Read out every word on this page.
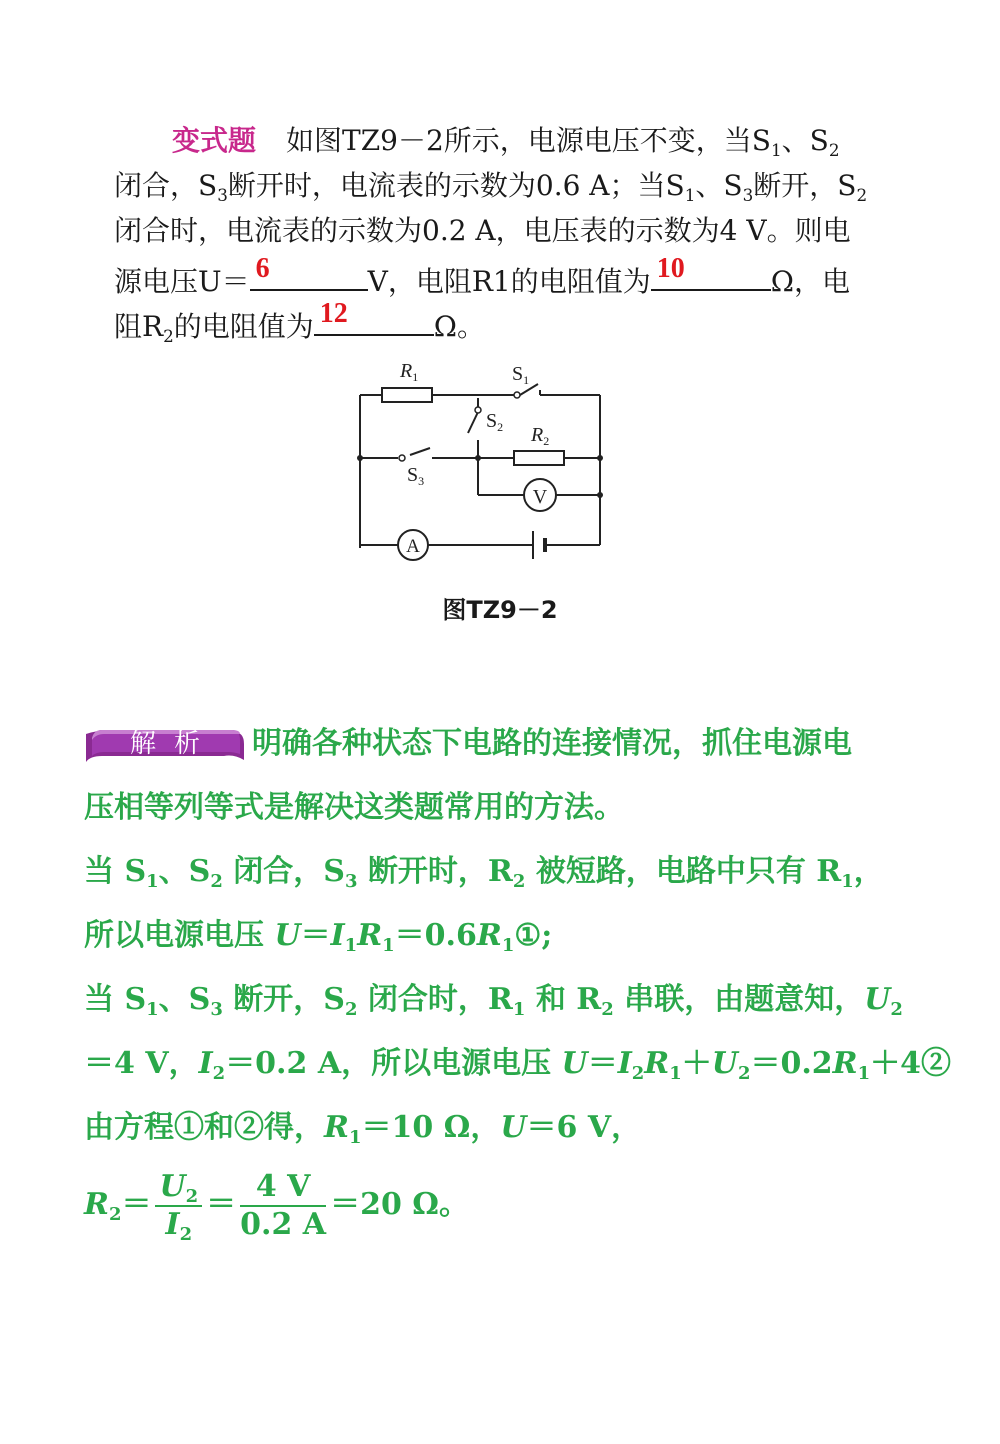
变式题 如图TZ9－2所示，电源电压不变，当$S_1$、$S_2$
闭合，$S_3$断开时，电流表的示数为0.6 A；当$S_1$、$S_3$断开，$S_2$
闭合时，电流表的示数为0.2 A，电压表的示数为4 V。则电
源电压U＝ 6	V，电阻R1的电阻值为 10	Ω，电
阻$R_2$的电阻值为 12	Ω。
V
A
$R_1$
$R_2$
$S_1$
$S_2$
$S_3$
图TZ9－2
解析	明确各种状态下电路的连接情况，抓住电源电
压相等列等式是解决这类题常用的方法。
当 $S_1$、$S_2$ 闭合，$S_3$ 断开时，$R_2$ 被短路，电路中只有 $R_1$，
所以电源电压 $U=I_1R_1=0.6R_1①$;
当 $S_1$、$S_3$ 断开，$S_2$ 闭合时，$R_1$ 和 $R_2$ 串联，由题意知，$U_2$
＝4 V，$I_2=0.2$ A，所以电源电压 $U=I_2R_1+U_2=0.2R_1+4②$
由方程①和②得，$R_1=10$ Ω，U＝6 V，
$R_2= \frac{U_2}{I_2} = \frac{4 V}{0.2 A} =20$ Ω。
